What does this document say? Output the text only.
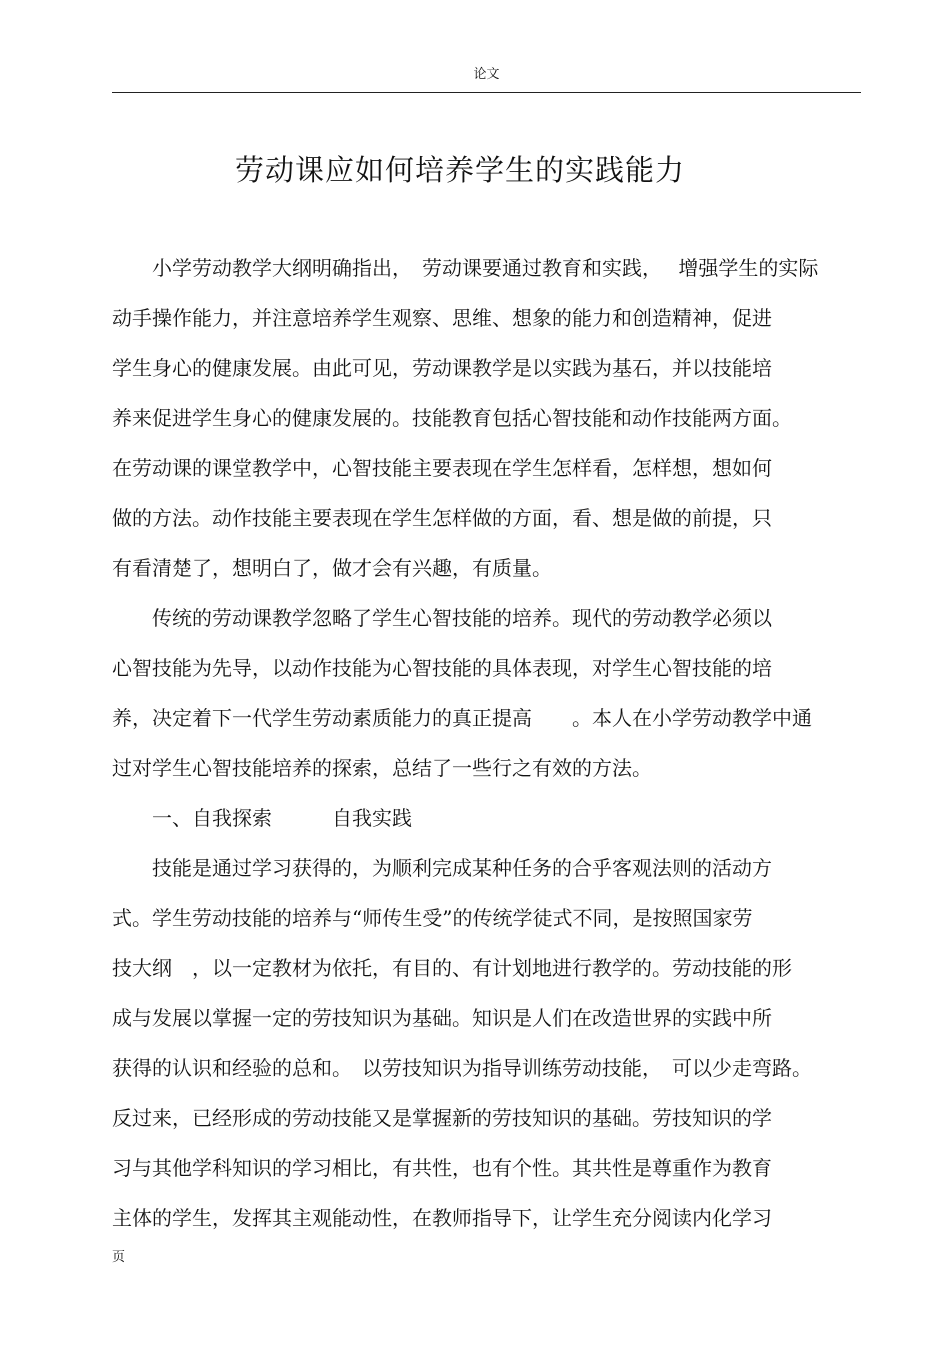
论文
劳动课应如何培养学生的实践能力
　　小学劳动教学大纲明确指出，　劳动课要通过教育和实践，　 增强学生的实际
动手操作能力，并注意培养学生观察、思维、想象的能力和创造精神，促进
学生身心的健康发展。由此可见，劳动课教学是以实践为基石，并以技能培
养来促进学生身心的健康发展的。技能教育包括心智技能和动作技能两方面。
在劳动课的课堂教学中，心智技能主要表现在学生怎样看，怎样想，想如何
做的方法。动作技能主要表现在学生怎样做的方面，看、想是做的前提，只
有看清楚了，想明白了，做才会有兴趣，有质量。
　　传统的劳动课教学忽略了学生心智技能的培养。现代的劳动教学必须以
心智技能为先导，以动作技能为心智技能的具体表现，对学生心智技能的培
养，决定着下一代学生劳动素质能力的真正提高　　。本人在小学劳动教学中通
过对学生心智技能培养的探索，总结了一些行之有效的方法。
　　一、自我探索　　　自我实践
　　技能是通过学习获得的，为顺利完成某种任务的合乎客观法则的活动方
式。学生劳动技能的培养与“师传生受”的传统学徒式不同，是按照国家劳
技大纲　，以一定教材为依托，有目的、有计划地进行教学的。劳动技能的形
成与发展以掌握一定的劳技知识为基础。知识是人们在改造世界的实践中所
获得的认识和经验的总和。　以劳技知识为指导训练劳动技能，　可以少走弯路。
反过来，已经形成的劳动技能又是掌握新的劳技知识的基础。劳技知识的学
习与其他学科知识的学习相比，有共性，也有个性。其共性是尊重作为教育
主体的学生，发挥其主观能动性，在教师指导下，让学生充分阅读内化学习
页
